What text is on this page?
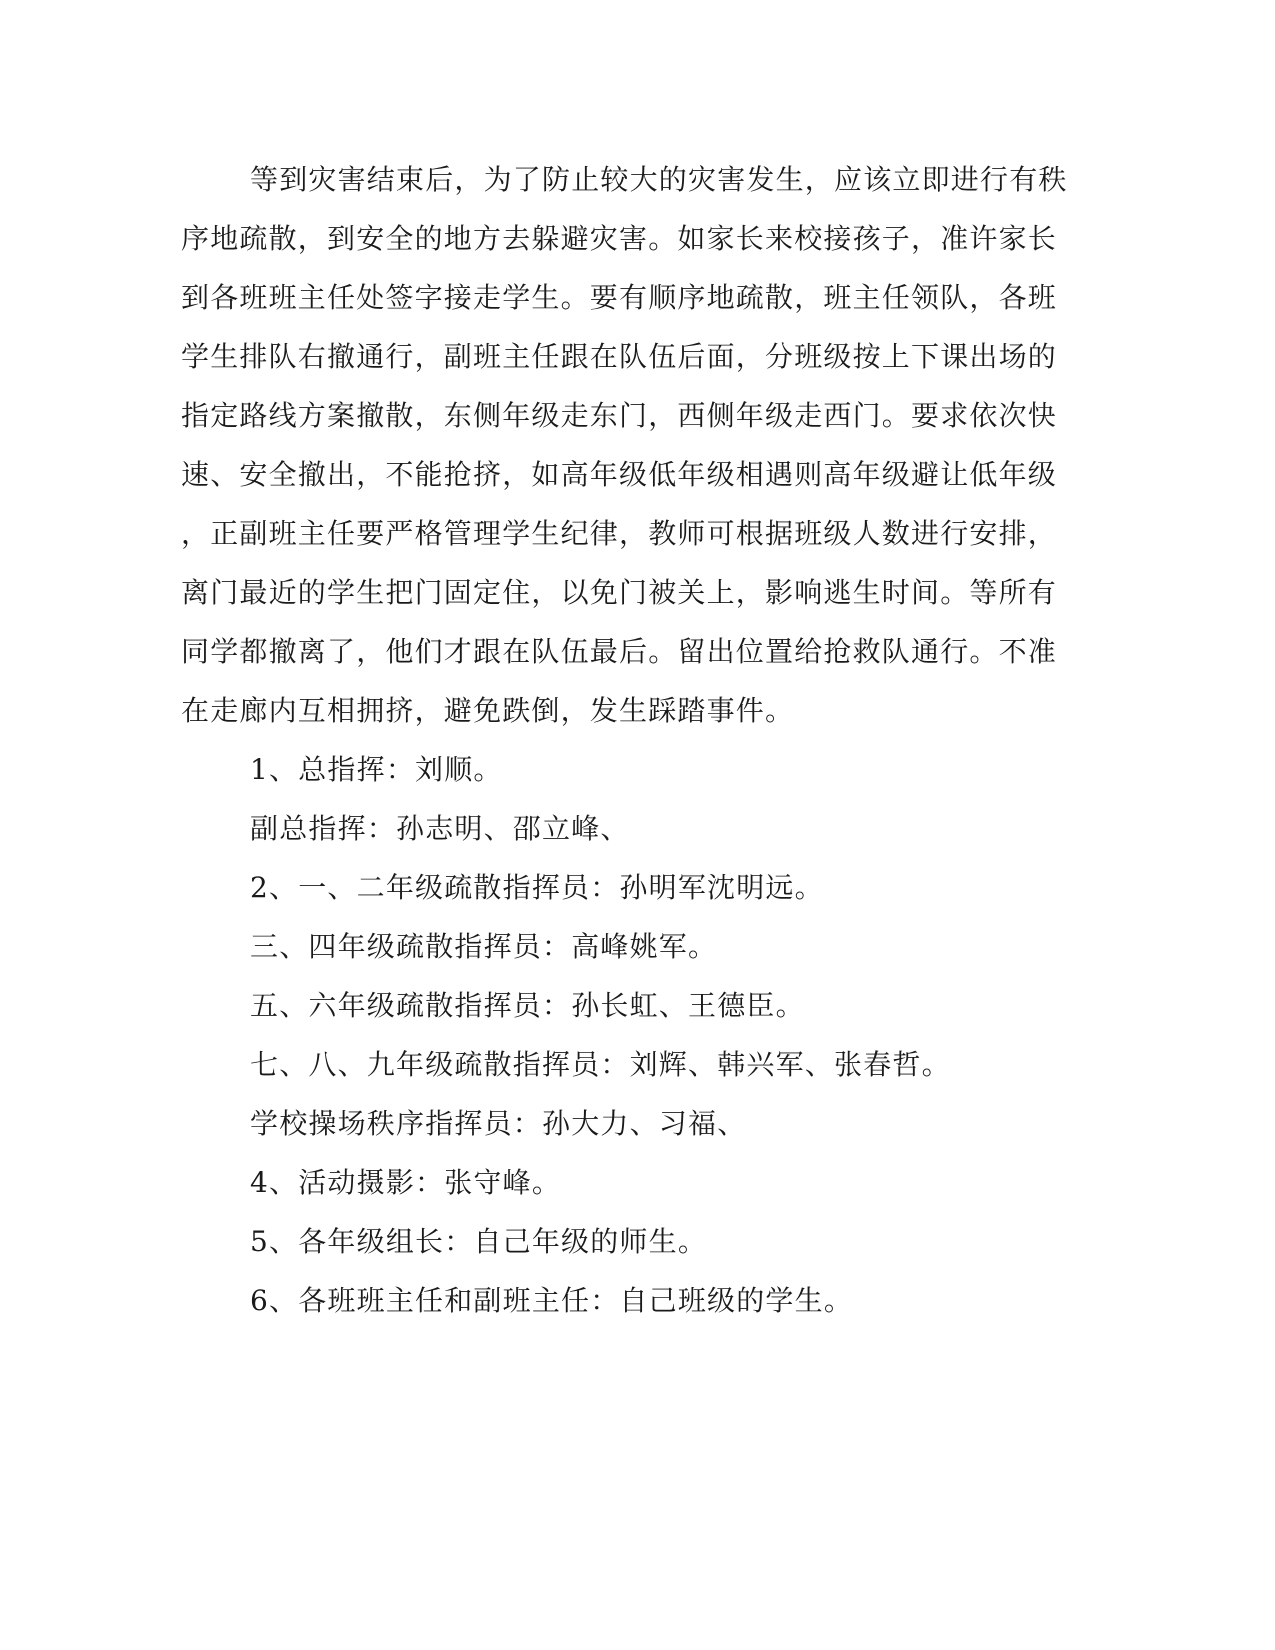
等到灾害结束后，为了防止较大的灾害发生，应该立即进行有秩
序地疏散，到安全的地方去躲避灾害。如家长来校接孩子，准许家长
到各班班主任处签字接走学生。要有顺序地疏散，班主任领队，各班
学生排队右撤通行，副班主任跟在队伍后面，分班级按上下课出场的
指定路线方案撤散，东侧年级走东门，西侧年级走西门。要求依次快
速、安全撤出，不能抢挤，如高年级低年级相遇则高年级避让低年级
，正副班主任要严格管理学生纪律，教师可根据班级人数进行安排，
离门最近的学生把门固定住，以免门被关上，影响逃生时间。等所有
同学都撤离了，他们才跟在队伍最后。留出位置给抢救队通行。不准
在走廊内互相拥挤，避免跌倒，发生踩踏事件。
1、总指挥：刘顺。
副总指挥：孙志明、邵立峰、
2、一、二年级疏散指挥员：孙明军沈明远。
三、四年级疏散指挥员：高峰姚军。
五、六年级疏散指挥员：孙长虹、王德臣。
七、八、九年级疏散指挥员：刘辉、韩兴军、张春哲。
学校操场秩序指挥员：孙大力、习福、
4、活动摄影：张守峰。
5、各年级组长：自己年级的师生。
6、各班班主任和副班主任：自己班级的学生。
